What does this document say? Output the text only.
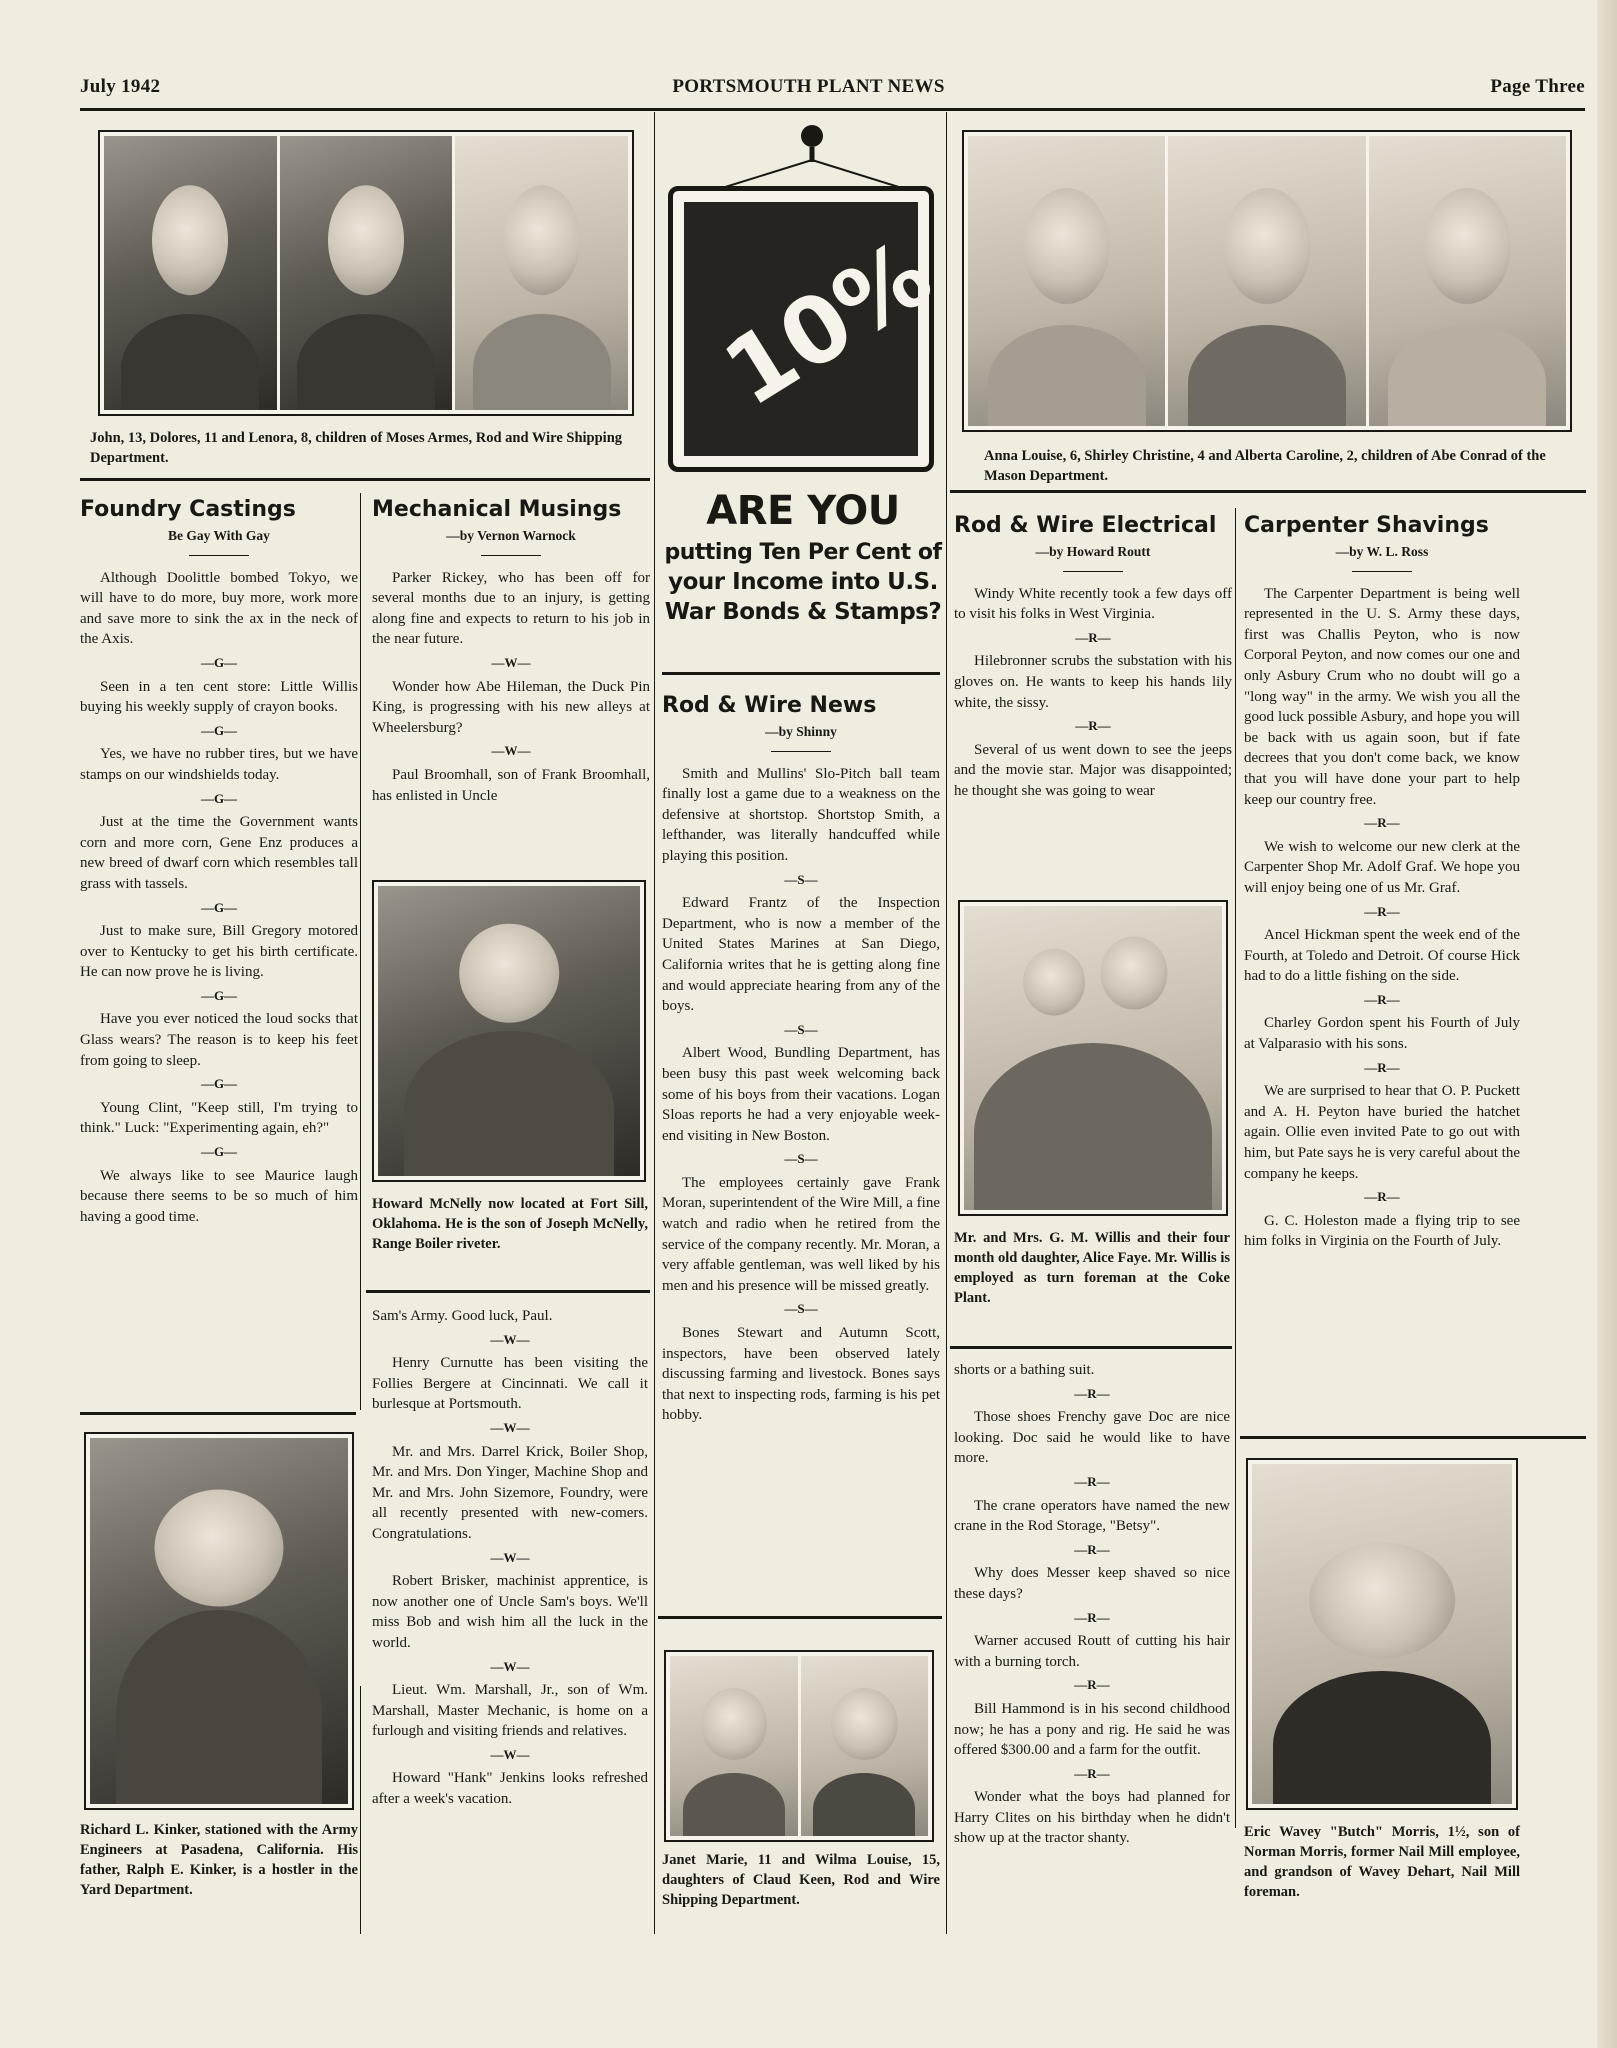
July 1942	PORTSMOUTH PLANT NEWS	Page Three
John, 13, Dolores, 11 and Lenora, 8, children of Moses Armes, Rod and Wire Shipping Department.	Anna Louise, 6, Shirley Christine, 4 and Alberta Caroline, 2, children of Abe Conrad of the Mason Department.
10%
ARE YOU
putting Ten Per Cent of
your Income into U.S.
War Bonds & Stamps?
Foundry Castings
Be Gay With Gay

Although Doolittle bombed Tokyo, we will have to do more, buy more, work more and save more to sink the ax in the neck of the Axis.

—G—

Seen in a ten cent store: Little Willis buying his weekly supply of crayon books.

—G—

Yes, we have no rubber tires, but we have stamps on our windshields today.

—G—

Just at the time the Government wants corn and more corn, Gene Enz produces a new breed of dwarf corn which resembles tall grass with tassels.

—G—

Just to make sure, Bill Gregory motored over to Kentucky to get his birth certificate. He can now prove he is living.

—G—

Have you ever noticed the loud socks that Glass wears? The reason is to keep his feet from going to sleep.

—G—

Young Clint, "Keep still, I'm trying to think." Luck: "Experimenting again, eh?"

—G—

We always like to see Maurice laugh because there seems to be so much of him having a good time.

Richard L. Kinker, stationed with the Army Engineers at Pasadena, California. His father, Ralph E. Kinker, is a hostler in the Yard Department.
Mechanical Musings
—by Vernon Warnock

Parker Rickey, who has been off for several months due to an injury, is getting along fine and expects to return to his job in the near future.

—W—

Wonder how Abe Hileman, the Duck Pin King, is progressing with his new alleys at Wheelersburg?

—W—

Paul Broomhall, son of Frank Broomhall, has enlisted in Uncle

Howard McNelly now located at Fort Sill, Oklahoma. He is the son of Joseph McNelly, Range Boiler riveter.

Sam's Army. Good luck, Paul.

—W—

Henry Curnutte has been visiting the Follies Bergere at Cincinnati. We call it burlesque at Portsmouth.

—W—

Mr. and Mrs. Darrel Krick, Boiler Shop, Mr. and Mrs. Don Yinger, Machine Shop and Mr. and Mrs. John Sizemore, Foundry, were all recently presented with new-comers. Congratulations.

—W—

Robert Brisker, machinist apprentice, is now another one of Uncle Sam's boys. We'll miss Bob and wish him all the luck in the world.

—W—

Lieut. Wm. Marshall, Jr., son of Wm. Marshall, Master Mechanic, is home on a furlough and visiting friends and relatives.

—W—

Howard "Hank" Jenkins looks refreshed after a week's vacation.

Rod & Wire News
—by Shinny

Smith and Mullins' Slo-Pitch ball team finally lost a game due to a weakness on the defensive at shortstop. Shortstop Smith, a lefthander, was literally handcuffed while playing this position.

—S—

Edward Frantz of the Inspection Department, who is now a member of the United States Marines at San Diego, California writes that he is getting along fine and would appreciate hearing from any of the boys.

—S—

Albert Wood, Bundling Department, has been busy this past week welcoming back some of his boys from their vacations. Logan Sloas reports he had a very enjoyable week-end visiting in New Boston.

—S—

The employees certainly gave Frank Moran, superintendent of the Wire Mill, a fine watch and radio when he retired from the service of the company recently. Mr. Moran, a very affable gentleman, was well liked by his men and his presence will be missed greatly.

—S—

Bones Stewart and Autumn Scott, inspectors, have been observed lately discussing farming and livestock. Bones says that next to inspecting rods, farming is his pet hobby.

Janet Marie, 11 and Wilma Louise, 15, daughters of Claud Keen, Rod and Wire Shipping Department.
Rod & Wire Electrical
—by Howard Routt

Windy White recently took a few days off to visit his folks in West Virginia.

—R—

Hilebronner scrubs the substation with his gloves on. He wants to keep his hands lily white, the sissy.

—R—

Several of us went down to see the jeeps and the movie star. Major was disappointed; he thought she was going to wear

Mr. and Mrs. G. M. Willis and their four month old daughter, Alice Faye. Mr. Willis is employed as turn foreman at the Coke Plant.

shorts or a bathing suit.

—R—

Those shoes Frenchy gave Doc are nice looking. Doc said he would like to have more.

—R—

The crane operators have named the new crane in the Rod Storage, "Betsy".

—R—

Why does Messer keep shaved so nice these days?

—R—

Warner accused Routt of cutting his hair with a burning torch.

—R—

Bill Hammond is in his second childhood now; he has a pony and rig. He said he was offered $300.00 and a farm for the outfit.

—R—

Wonder what the boys had planned for Harry Clites on his birthday when he didn't show up at the tractor shanty.

Carpenter Shavings
—by W. L. Ross

The Carpenter Department is being well represented in the U. S. Army these days, first was Challis Peyton, who is now Corporal Peyton, and now comes our one and only Asbury Crum who no doubt will go a "long way" in the army. We wish you all the good luck possible Asbury, and hope you will be back with us again soon, but if fate decrees that you don't come back, we know that you will have done your part to help keep our country free.

—R—

We wish to welcome our new clerk at the Carpenter Shop Mr. Adolf Graf. We hope you will enjoy being one of us Mr. Graf.

—R—

Ancel Hickman spent the week end of the Fourth, at Toledo and Detroit. Of course Hick had to do a little fishing on the side.

—R—

Charley Gordon spent his Fourth of July at Valparasio with his sons.

—R—

We are surprised to hear that O. P. Puckett and A. H. Peyton have buried the hatchet again. Ollie even invited Pate to go out with him, but Pate says he is very careful about the company he keeps.

—R—

G. C. Holeston made a flying trip to see him folks in Virginia on the Fourth of July.

Eric Wavey "Butch" Morris, 1½, son of Norman Morris, former Nail Mill employee, and grandson of Wavey Dehart, Nail Mill foreman.
